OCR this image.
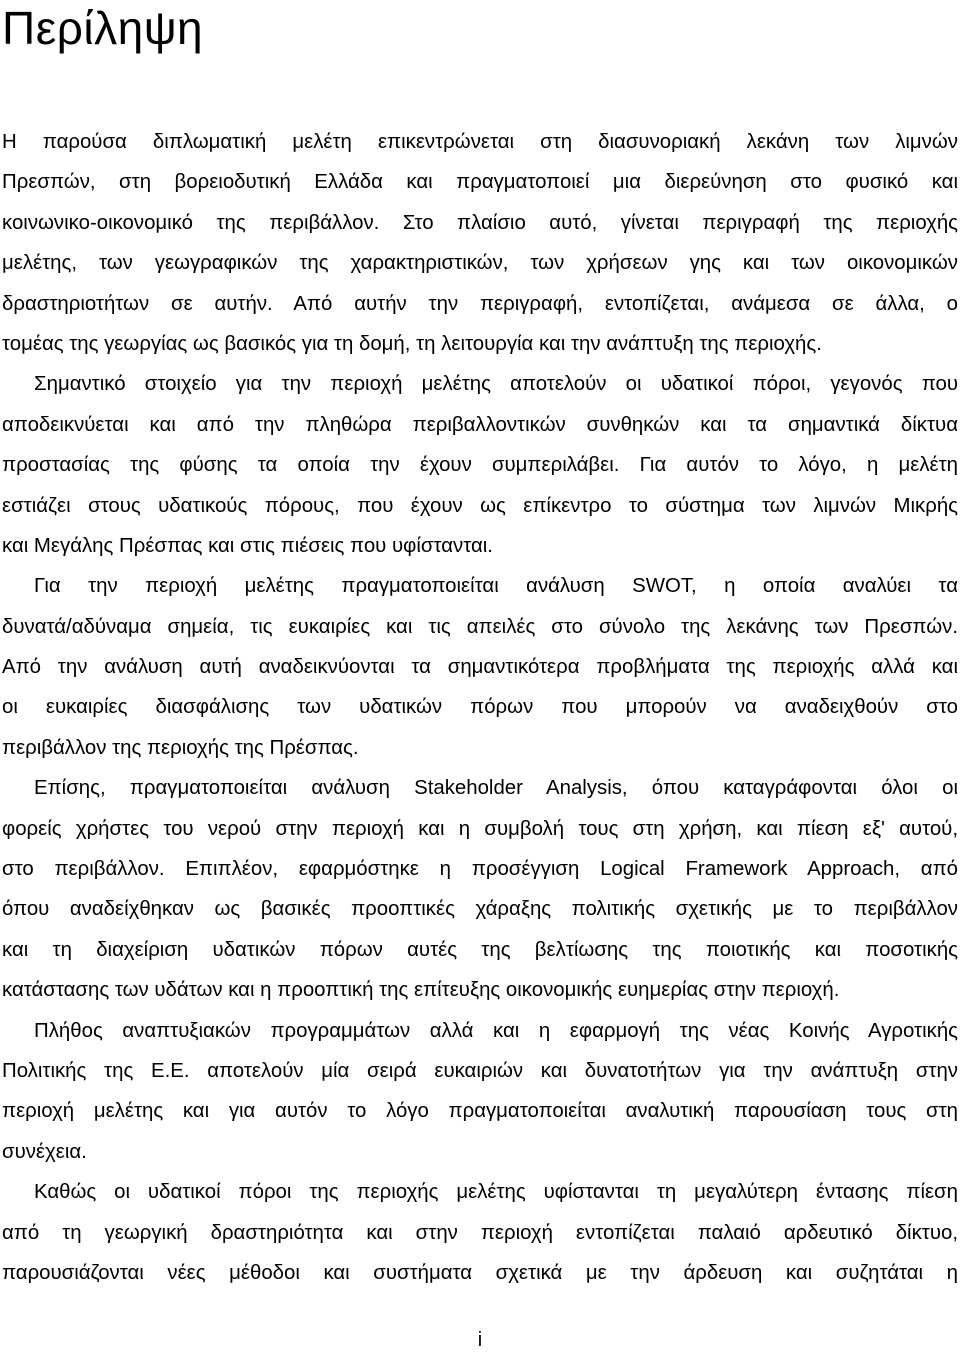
Περίληψη
Η παρούσα διπλωματική μελέτη επικεντρώνεται στη διασυνοριακή λεκάνη των λιμνών
Πρεσπών, στη βορειοδυτική Ελλάδα και πραγματοποιεί μια διερεύνηση στο φυσικό και
κοινωνικο-οικονομικό της περιβάλλον. Στο πλαίσιο αυτό, γίνεται περιγραφή της περιοχής
μελέτης, των γεωγραφικών της χαρακτηριστικών, των χρήσεων γης και των οικονομικών
δραστηριοτήτων σε αυτήν. Από αυτήν την περιγραφή, εντοπίζεται, ανάμεσα σε άλλα, ο
τομέας της γεωργίας ως βασικός για τη δομή, τη λειτουργία και την ανάπτυξη της περιοχής.
Σημαντικό στοιχείο για την περιοχή μελέτης αποτελούν οι υδατικοί πόροι, γεγονός που
αποδεικνύεται και από την πληθώρα περιβαλλοντικών συνθηκών και τα σημαντικά δίκτυα
προστασίας της φύσης τα οποία την έχουν συμπεριλάβει. Για αυτόν το λόγο, η μελέτη
εστιάζει στους υδατικούς πόρους, που έχουν ως επίκεντρο το σύστημα των λιμνών Μικρής
και Μεγάλης Πρέσπας και στις πιέσεις που υφίστανται.
Για την περιοχή μελέτης πραγματοποιείται ανάλυση SWOT, η οποία αναλύει τα
δυνατά/αδύναμα σημεία, τις ευκαιρίες και τις απειλές στο σύνολο της λεκάνης των Πρεσπών.
Από την ανάλυση αυτή αναδεικνύονται τα σημαντικότερα προβλήματα της περιοχής αλλά και
οι ευκαιρίες διασφάλισης των υδατικών πόρων που μπορούν να αναδειχθούν στο
περιβάλλον της περιοχής της Πρέσπας.
Επίσης, πραγματοποιείται ανάλυση Stakeholder Analysis, όπου καταγράφονται όλοι οι
φορείς χρήστες του νερού στην περιοχή και η συμβολή τους στη χρήση, και πίεση εξ' αυτού,
στο περιβάλλον. Επιπλέον, εφαρμόστηκε η προσέγγιση Logical Framework Approach, από
όπου αναδείχθηκαν ως βασικές προοπτικές χάραξης πολιτικής σχετικής με το περιβάλλον
και τη διαχείριση υδατικών πόρων αυτές της βελτίωσης της ποιοτικής και ποσοτικής
κατάστασης των υδάτων και η προοπτική της επίτευξης οικονομικής ευημερίας στην περιοχή.
Πλήθος αναπτυξιακών προγραμμάτων αλλά και η εφαρμογή της νέας Κοινής Αγροτικής
Πολιτικής της Ε.Ε. αποτελούν μία σειρά ευκαιριών και δυνατοτήτων για την ανάπτυξη στην
περιοχή μελέτης και για αυτόν το λόγο πραγματοποιείται αναλυτική παρουσίαση τους στη
συνέχεια.
Καθώς οι υδατικοί πόροι της περιοχής μελέτης υφίστανται τη μεγαλύτερη έντασης πίεση
από τη γεωργική δραστηριότητα και στην περιοχή εντοπίζεται παλαιό αρδευτικό δίκτυο,
παρουσιάζονται νέες μέθοδοι και συστήματα σχετικά με την άρδευση και συζητάται η
i
